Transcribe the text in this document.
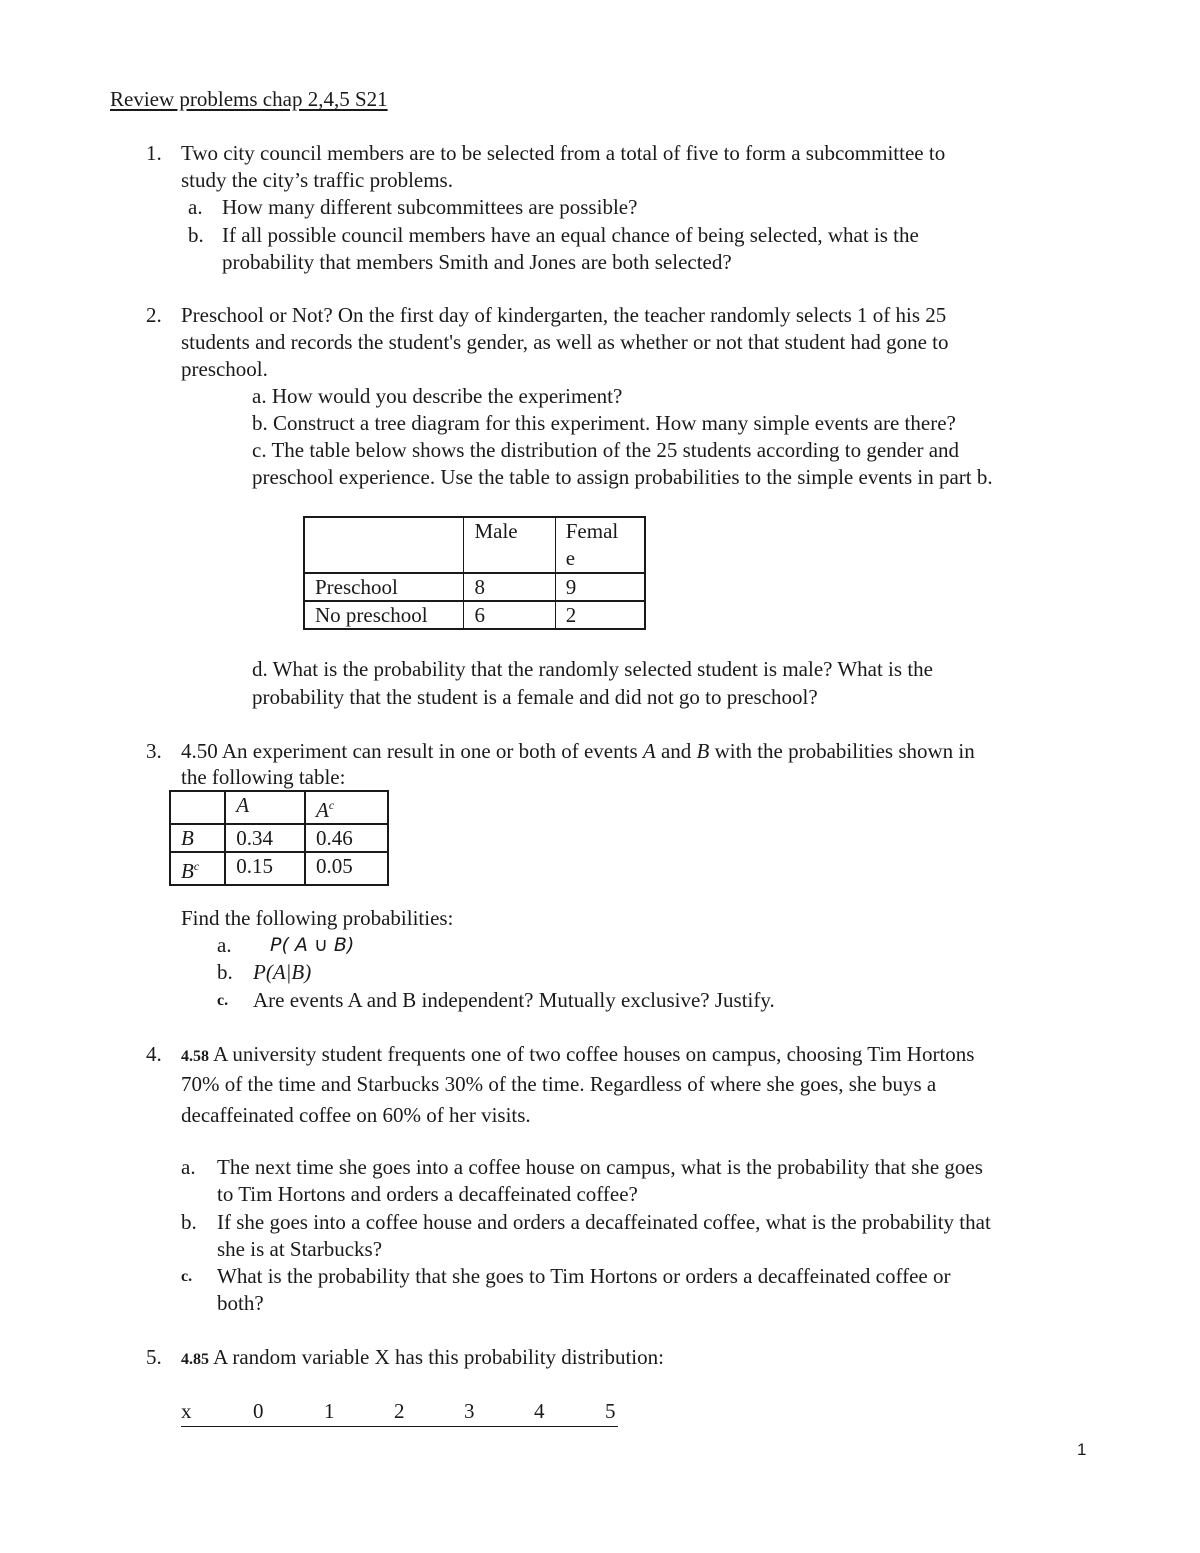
Review problems chap 2,4,5 S21
1. Two city council members are to be selected from a total of five to form a subcommittee to
study the city’s traffic problems.
a. How many different subcommittees are possible?
b. If all possible council members have an equal chance of being selected, what is the
probability that members Smith and Jones are both selected?
2. Preschool or Not? On the first day of kindergarten, the teacher randomly selects 1 of his 25
students and records the student's gender, as well as whether or not that student had gone to
preschool.
a. How would you describe the experiment?
b. Construct a tree diagram for this experiment. How many simple events are there?
c. The table below shows the distribution of the 25 students according to gender and
preschool experience. Use the table to assign probabilities to the simple events in part b.
	Male	Femal
e
Preschool	8	9
No preschool	6	2
d. What is the probability that the randomly selected student is male? What is the
probability that the student is a female and did not go to preschool?
3. 4.50 An experiment can result in one or both of events A and B with the probabilities shown in
the following table:
	A	$A^c$
B	0.34	0.46
$B^c$	0.15	0.05
Find the following probabilities:
a. P( A ∪ B)
b. P(A|B)
c. Are events A and B independent? Mutually exclusive? Justify.
4. 4.58 A university student frequents one of two coffee houses on campus, choosing Tim Hortons
70% of the time and Starbucks 30% of the time. Regardless of where she goes, she buys a
decaffeinated coffee on 60% of her visits.
a. The next time she goes into a coffee house on campus, what is the probability that she goes
to Tim Hortons and orders a decaffeinated coffee?
b. If she goes into a coffee house and orders a decaffeinated coffee, what is the probability that
she is at Starbucks?
c. What is the probability that she goes to Tim Hortons or orders a decaffeinated coffee or
both?
5. 4.85 A random variable X has this probability distribution:
x	0	1	2	3	4	5
1
